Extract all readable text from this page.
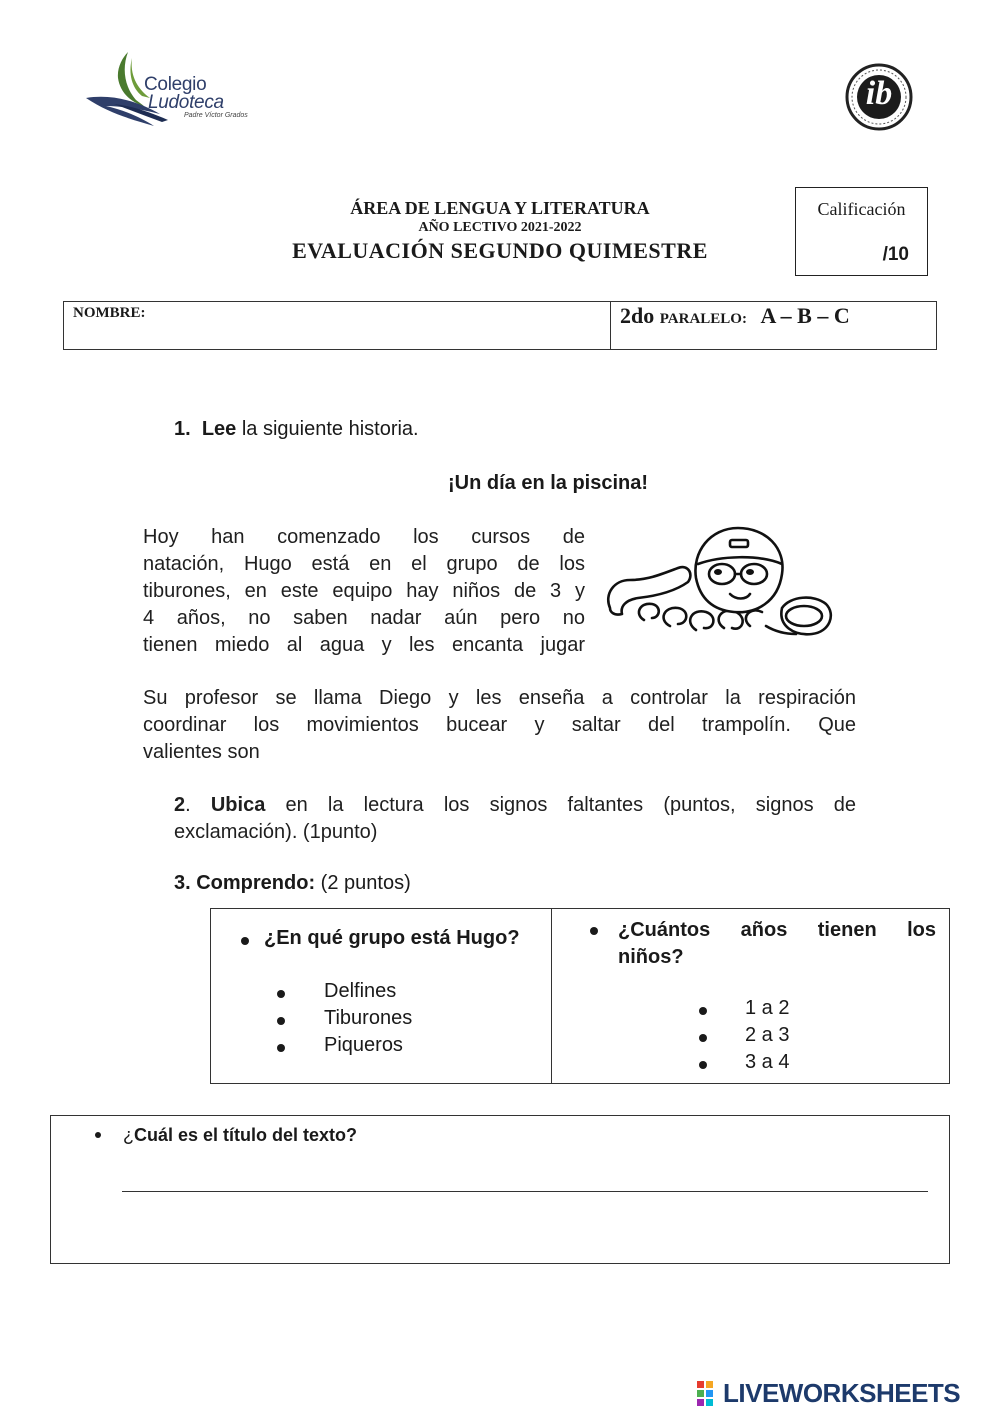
Colegio
Ludoteca
Padre Víctor Grados
ib
ÁREA DE LENGUA Y LITERATURA
AÑO LECTIVO 2021-2022
EVALUACIÓN SEGUNDO QUIMESTRE
Calificación
/10
NOMBRE:	2do PARALELO: A – B – C
1. Lee la siguiente historia.
¡Un día en la piscina!
Hoy han comenzado los cursos de
natación, Hugo está en el grupo de los
tiburones, en este equipo hay niños de 3 y
4 años, no saben nadar aún pero no
tienen miedo al agua y les encanta jugar
Su profesor se llama Diego y les enseña a controlar la respiración
coordinar los movimientos bucear y saltar del trampolín. Que
valientes son
2. Ubica en la lectura los signos faltantes (puntos, signos de
exclamación). (1punto)
3. Comprendo: (2 puntos)
¿En qué grupo está Hugo?
Delfines
Tiburones
Piqueros
¿Cuántos años tienen los
niños?
1 a 2
2 a 3
3 a 4
¿Cuál es el título del texto?
LIVEWORKSHEETS
